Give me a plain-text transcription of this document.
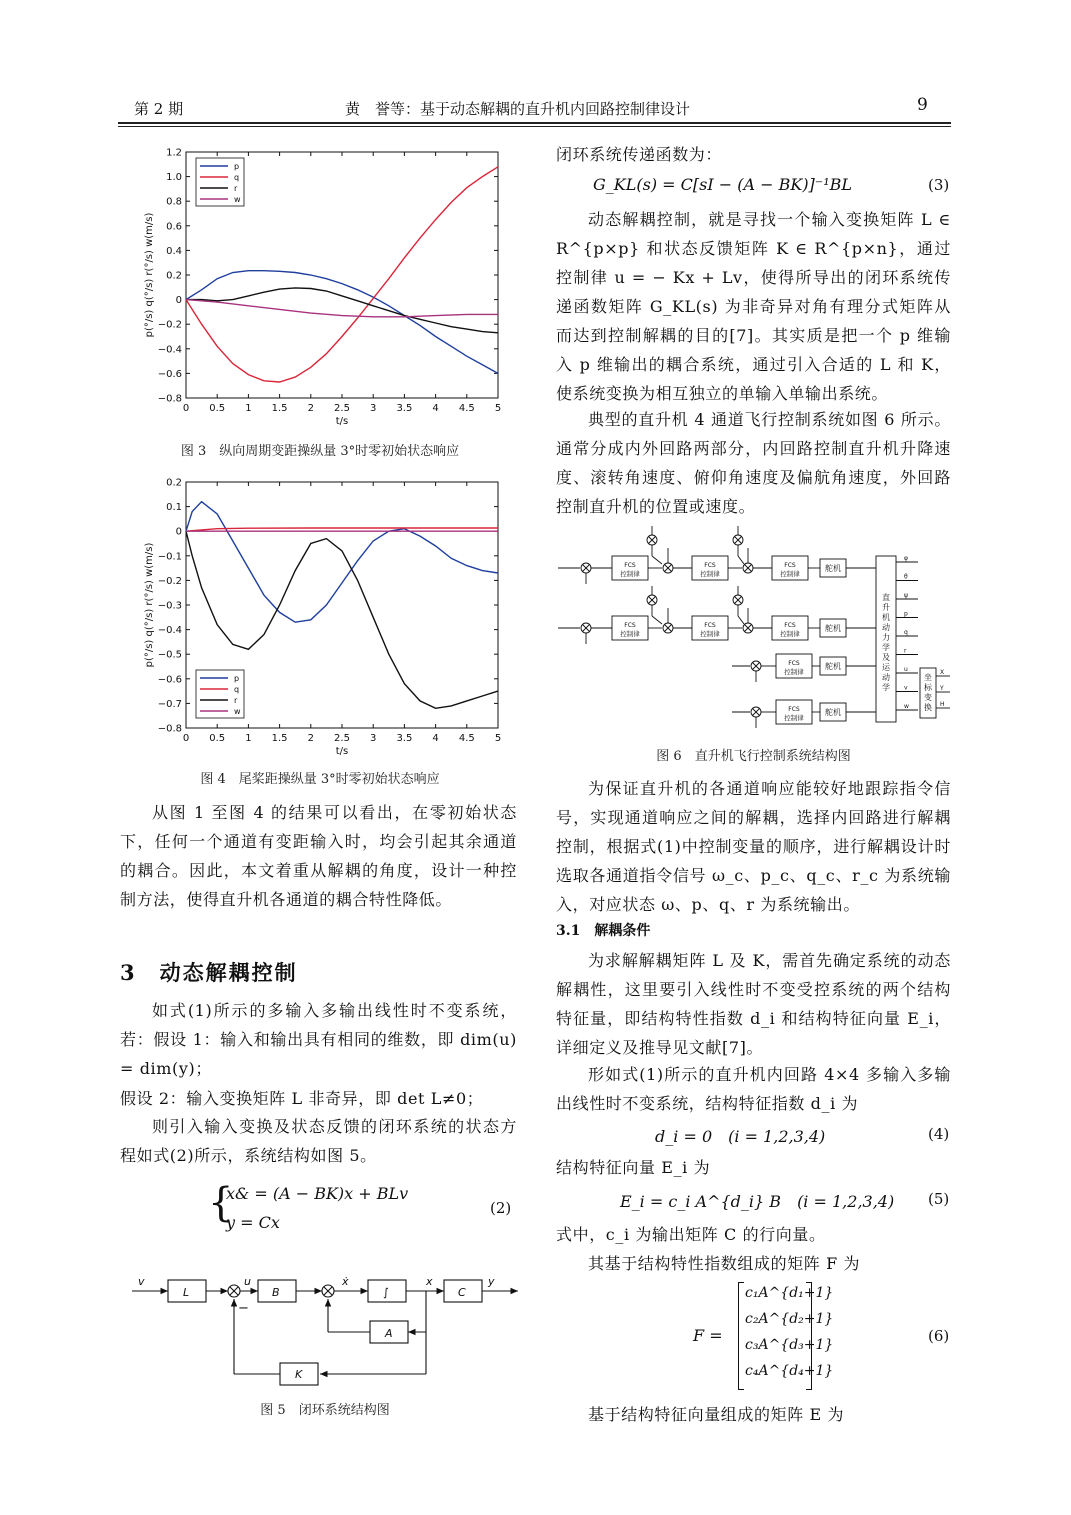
第 2 期	黄　誉等：基于动态解耦的直升机内回路控制律设计	9
0 0.5 1 1.5 2 2.5 3 3.5 4 4.5 5
1.2
1.0
0.8
0.6
0.4
0.2
0
−0.2
−0.4
−0.6
−0.8
t/s
p(°/s) q(°/s) r(°/s) w(m/s)
p
q
r
w
图 3　纵向周期变距操纵量 3°时零初始状态响应
0 0.5 1 1.5 2 2.5 3 3.5 4 4.5 5
0.2
0.1
0
−0.1
−0.2
−0.3
−0.4
−0.5
−0.6
−0.7
−0.8
t/s
p(°/s) q(°/s) r(°/s) w(m/s)
p
q
r
w
图 4　尾桨距操纵量 3°时零初始状态响应
从图 1 至图 4 的结果可以看出，在零初始状态下，任何一个通道有变距输入时，均会引起其余通道的耦合。因此，本文着重从解耦的角度，设计一种控制方法，使得直升机各通道的耦合特性降低。
3　动态解耦控制
如式(1)所示的多输入多输出线性时不变系统，若：假设 1：输入和输出具有相同的维数，即 dim(u) = dim(y)；
假设 2：输入变换矩阵 L 非奇异，即 det L≠0；
则引入输入变换及状态反馈的闭环系统的状态方程如式(2)所示，系统结构如图 5。
{
x& = (A − BK)x + BLv
y = Cx
(2)
v
L
u
B
ẋ
∫
x
C
y
A
K
−
图 5　闭环系统结构图
闭环系统传递函数为：
G_KL(s) = C[sI − (A − BK)]⁻¹BL	(3)
动态解耦控制，就是寻找一个输入变换矩阵 L ∈ R^{p×p} 和状态反馈矩阵 K ∈ R^{p×n}，通过控制律 u = − Kx + Lv，使得所导出的闭环系统传递函数矩阵 G_KL(s) 为非奇异对角有理分式矩阵从而达到控制解耦的目的[7]。其实质是把一个 p 维输入 p 维输出的耦合系统，通过引入合适的 L 和 K，使系统变换为相互独立的单输入单输出系统。
典型的直升机 4 通道飞行控制系统如图 6 所示。通常分成内外回路两部分，内回路控制直升机升降速度、滚转角速度、俯仰角速度及偏航角速度，外回路控制直升机的位置或速度。
FCS
控制律
FCS
控制律
FCS
控制律
舵机
FCS
控制律
FCS
控制律
FCS
控制律
舵机
FCS
控制律
舵机
FCS
控制律
舵机
直
升
机
动
力
学
及
运
动
学
φ
θ
ψ
p
q
r
u
v
w
坐
标
变
换
X
Y
H
图 6　直升机飞行控制系统结构图
为保证直升机的各通道响应能较好地跟踪指令信号，实现通道响应之间的解耦，选择内回路进行解耦控制，根据式(1)中控制变量的顺序，进行解耦设计时选取各通道指令信号 ω_c、p_c、q_c、r_c 为系统输入，对应状态 ω、p、q、r 为系统输出。
3.1　解耦条件
为求解解耦矩阵 L 及 K，需首先确定系统的动态解耦性，这里要引入线性时不变受控系统的两个结构特征量，即结构特性指数 d_i 和结构特征向量 E_i，详细定义及推导见文献[7]。
形如式(1)所示的直升机内回路 4×4 多输入多输出线性时不变系统，结构特征指数 d_i 为
d_i = 0　(i = 1,2,3,4)	(4)
结构特征向量 E_i 为
E_i = c_i A^{d_i} B　(i = 1,2,3,4) (5)
式中，c_i 为输出矩阵 C 的行向量。
其基于结构特性指数组成的矩阵 F 为
F =
c₁A^{d₁+1}
c₂A^{d₂+1}
c₃A^{d₃+1}
c₄A^{d₄+1}
(6)
基于结构特征向量组成的矩阵 E 为
